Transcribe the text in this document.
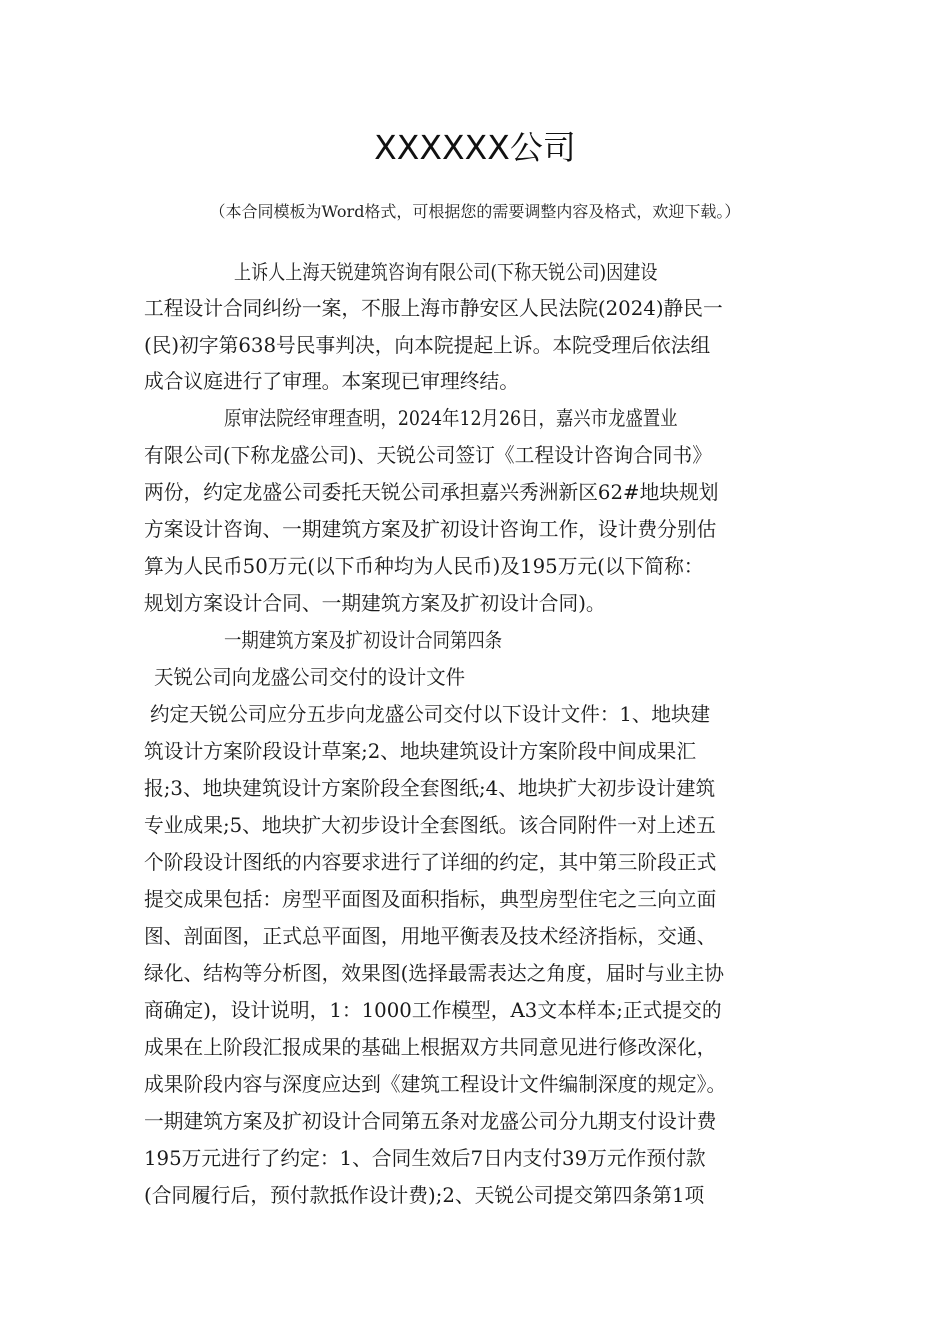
XXXXXX公司
（本合同模板为Word格式，可根据您的需要调整内容及格式，欢迎下载。）
上诉人上海天锐建筑咨询有限公司(下称天锐公司)因建设
工程设计合同纠纷一案，不服上海市静安区人民法院(2024)静民一
(民)初字第638号民事判决，向本院提起上诉。本院受理后依法组
成合议庭进行了审理。本案现已审理终结。
原审法院经审理查明，2024年12月26日，嘉兴市龙盛置业
有限公司(下称龙盛公司)、天锐公司签订《工程设计咨询合同书》
两份，约定龙盛公司委托天锐公司承担嘉兴秀洲新区62#地块规划
方案设计咨询、一期建筑方案及扩初设计咨询工作，设计费分别估
算为人民币50万元(以下币种均为人民币)及195万元(以下简称：
规划方案设计合同、一期建筑方案及扩初设计合同)。
一期建筑方案及扩初设计合同第四条
天锐公司向龙盛公司交付的设计文件
约定天锐公司应分五步向龙盛公司交付以下设计文件：1、地块建
筑设计方案阶段设计草案;2、地块建筑设计方案阶段中间成果汇
报;3、地块建筑设计方案阶段全套图纸;4、地块扩大初步设计建筑
专业成果;5、地块扩大初步设计全套图纸。该合同附件一对上述五
个阶段设计图纸的内容要求进行了详细的约定，其中第三阶段正式
提交成果包括：房型平面图及面积指标，典型房型住宅之三向立面
图、剖面图，正式总平面图，用地平衡表及技术经济指标，交通、
绿化、结构等分析图，效果图(选择最需表达之角度，届时与业主协
商确定)，设计说明，1：1000工作模型，A3文本样本;正式提交的
成果在上阶段汇报成果的基础上根据双方共同意见进行修改深化，
成果阶段内容与深度应达到《建筑工程设计文件编制深度的规定》。
一期建筑方案及扩初设计合同第五条对龙盛公司分九期支付设计费
195万元进行了约定：1、合同生效后7日内支付39万元作预付款
(合同履行后，预付款抵作设计费);2、天锐公司提交第四条第1项
